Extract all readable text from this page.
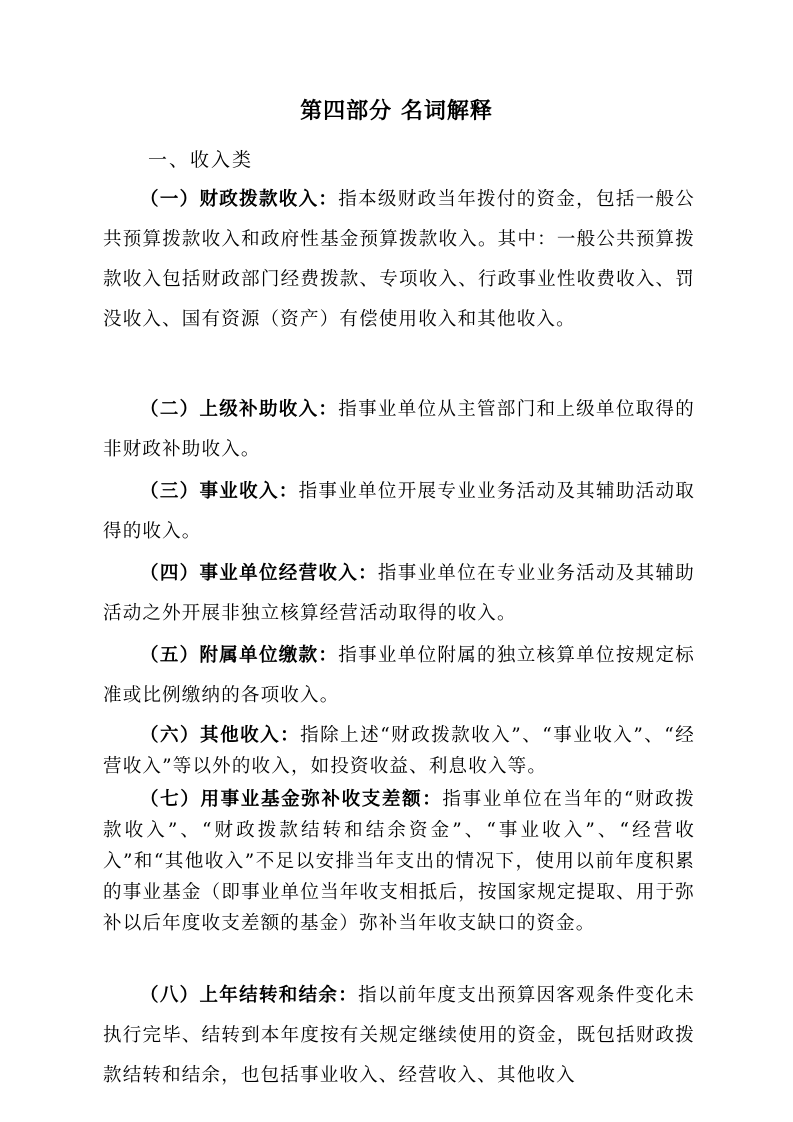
第四部分 名词解释
一、收入类

（一）财政拨款收入：指本级财政当年拨付的资金，包括一般公共预算拨款收入和政府性基金预算拨款收入。其中：一般公共预算拨款收入包括财政部门经费拨款、专项收入、行政事业性收费收入、罚没收入、国有资源（资产）有偿使用收入和其他收入。

（二）上级补助收入：指事业单位从主管部门和上级单位取得的非财政补助收入。

（三）事业收入：指事业单位开展专业业务活动及其辅助活动取得的收入。

（四）事业单位经营收入：指事业单位在专业业务活动及其辅助活动之外开展非独立核算经营活动取得的收入。

（五）附属单位缴款：指事业单位附属的独立核算单位按规定标准或比例缴纳的各项收入。

（六）其他收入：指除上述“财政拨款收入”、“事业收入”、“经营收入”等以外的收入，如投资收益、利息收入等。

（七）用事业基金弥补收支差额：指事业单位在当年的“财政拨款收入”、“财政拨款结转和结余资金”、“事业收入”、“经营收入”和“其他收入”不足以安排当年支出的情况下，使用以前年度积累的事业基金（即事业单位当年收支相抵后，按国家规定提取、用于弥补以后年度收支差额的基金）弥补当年收支缺口的资金。

（八）上年结转和结余：指以前年度支出预算因客观条件变化未执行完毕、结转到本年度按有关规定继续使用的资金，既包括财政拨款结转和结余，也包括事业收入、经营收入、其他收入
